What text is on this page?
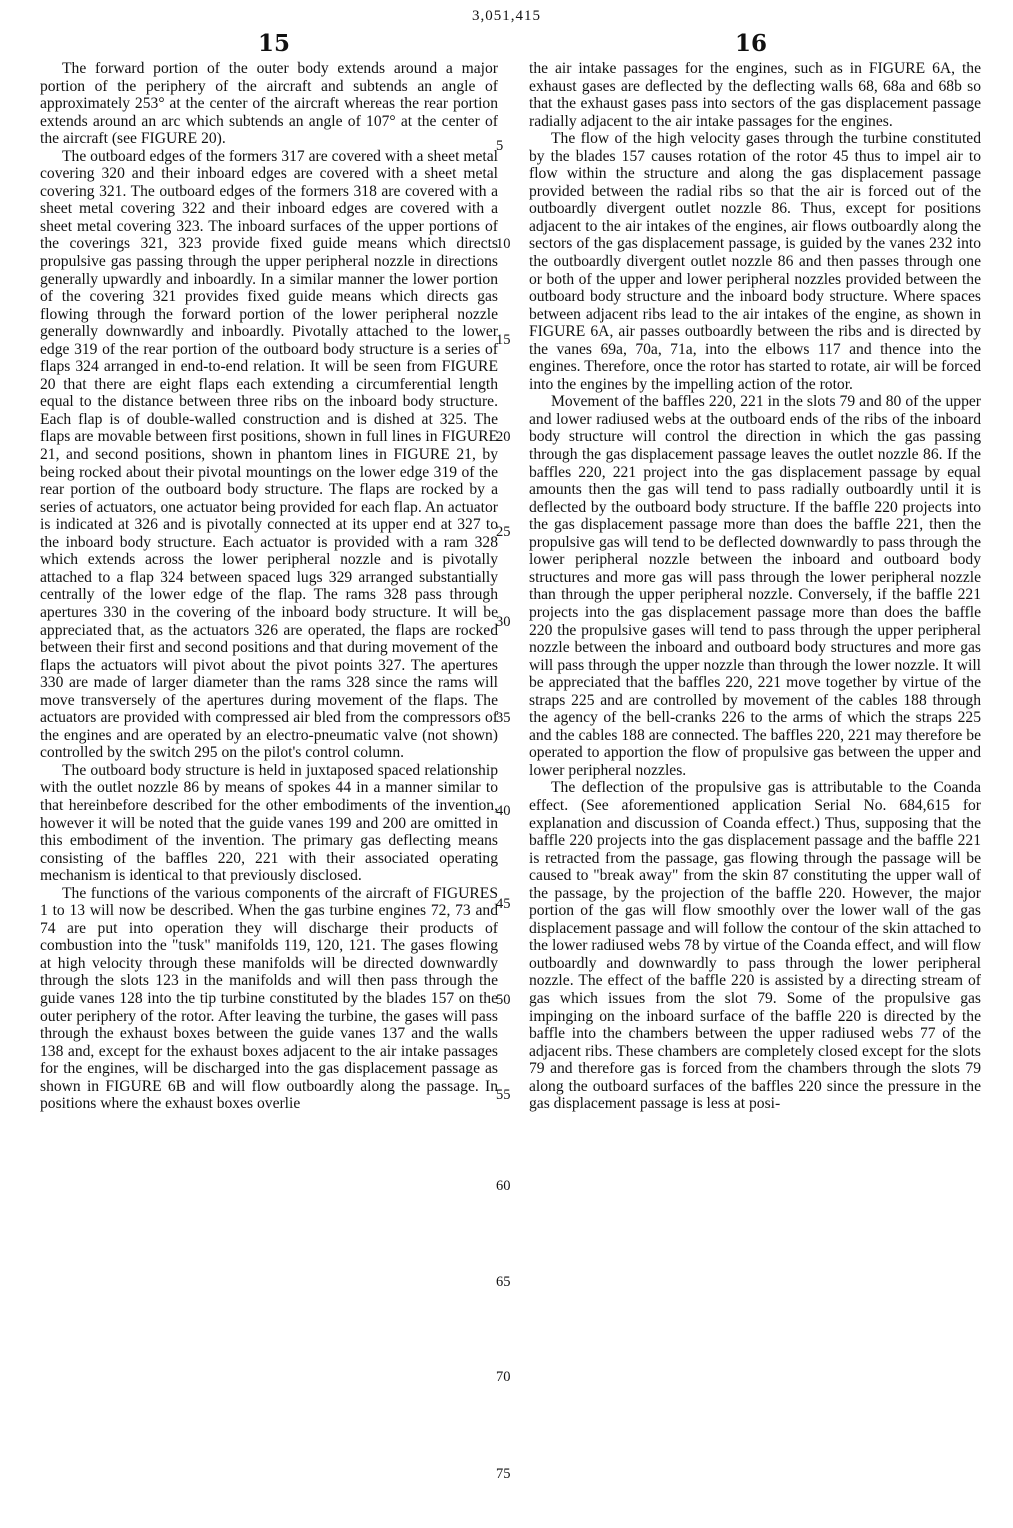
15
3,051,415
16

The forward portion of the outer body extends around a major portion of the periphery of the aircraft and subtends an angle of approximately 253° at the center of the aircraft whereas the rear portion extends around an arc which subtends an angle of 107° at the center of the aircraft (see FIGURE 20).

The outboard edges of the formers 317 are covered with a sheet metal covering 320 and their inboard edges are covered with a sheet metal covering 321. The outboard edges of the formers 318 are covered with a sheet metal covering 322 and their inboard edges are covered with a sheet metal covering 323. The inboard surfaces of the upper portions of the coverings 321, 323 provide fixed guide means which directs propulsive gas passing through the upper peripheral nozzle in directions generally upwardly and inboardly. In a similar manner the lower portion of the covering 321 provides fixed guide means which directs gas flowing through the forward portion of the lower peripheral nozzle generally downwardly and inboardly. Pivotally attached to the lower edge 319 of the rear portion of the outboard body structure is a series of flaps 324 arranged in end-to-end relation. It will be seen from FIGURE 20 that there are eight flaps each extending a circumferential length equal to the distance between three ribs on the inboard body structure. Each flap is of double-walled construction and is dished at 325. The flaps are movable between first positions, shown in full lines in FIGURE 21, and second positions, shown in phantom lines in FIGURE 21, by being rocked about their pivotal mountings on the lower edge 319 of the rear portion of the outboard body structure. The flaps are rocked by a series of actuators, one actuator being provided for each flap. An actuator is indicated at 326 and is pivotally connected at its upper end at 327 to the inboard body structure. Each actuator is provided with a ram 328 which extends across the lower peripheral nozzle and is pivotally attached to a flap 324 between spaced lugs 329 arranged substantially centrally of the lower edge of the flap. The rams 328 pass through apertures 330 in the covering of the inboard body structure. It will be appreciated that, as the actuators 326 are operated, the flaps are rocked between their first and second positions and that during movement of the flaps the actuators will pivot about the pivot points 327. The apertures 330 are made of larger diameter than the rams 328 since the rams will move transversely of the apertures during movement of the flaps. The actuators are provided with compressed air bled from the compressors of the engines and are operated by an electro-pneumatic valve (not shown) controlled by the switch 295 on the pilot's control column.

The outboard body structure is held in juxtaposed spaced relationship with the outlet nozzle 86 by means of spokes 44 in a manner similar to that hereinbefore described for the other embodiments of the invention, however it will be noted that the guide vanes 199 and 200 are omitted in this embodiment of the invention. The primary gas deflecting means consisting of the baffles 220, 221 with their associated operating mechanism is identical to that previously disclosed.

The functions of the various components of the aircraft of FIGURES 1 to 13 will now be described. When the gas turbine engines 72, 73 and 74 are put into operation they will discharge their products of combustion into the "tusk" manifolds 119, 120, 121. The gases flowing at high velocity through these manifolds will be directed downwardly through the slots 123 in the manifolds and will then pass through the guide vanes 128 into the tip turbine constituted by the blades 157 on the outer periphery of the rotor. After leaving the turbine, the gases will pass through the exhaust boxes between the guide vanes 137 and the walls 138 and, except for the exhaust boxes adjacent to the air intake passages for the engines, will be discharged into the gas displacement passage as shown in FIGURE 6B and will flow outboardly along the passage. In positions where the exhaust boxes overlie

5
10
15
20
25
30
35
40
45
50
55
60
65
70
75

the air intake passages for the engines, such as in FIGURE 6A, the exhaust gases are deflected by the deflecting walls 68, 68a and 68b so that the exhaust gases pass into sectors of the gas displacement passage radially adjacent to the air intake passages for the engines.

The flow of the high velocity gases through the turbine constituted by the blades 157 causes rotation of the rotor 45 thus to impel air to flow within the structure and along the gas displacement passage provided between the radial ribs so that the air is forced out of the outboardly divergent outlet nozzle 86. Thus, except for positions adjacent to the air intakes of the engines, air flows outboardly along the sectors of the gas displacement passage, is guided by the vanes 232 into the outboardly divergent outlet nozzle 86 and then passes through one or both of the upper and lower peripheral nozzles provided between the outboard body structure and the inboard body structure. Where spaces between adjacent ribs lead to the air intakes of the engine, as shown in FIGURE 6A, air passes outboardly between the ribs and is directed by the vanes 69a, 70a, 71a, into the elbows 117 and thence into the engines. Therefore, once the rotor has started to rotate, air will be forced into the engines by the impelling action of the rotor.

Movement of the baffles 220, 221 in the slots 79 and 80 of the upper and lower radiused webs at the outboard ends of the ribs of the inboard body structure will control the direction in which the gas passing through the gas displacement passage leaves the outlet nozzle 86. If the baffles 220, 221 project into the gas displacement passage by equal amounts then the gas will tend to pass radially outboardly until it is deflected by the outboard body structure. If the baffle 220 projects into the gas displacement passage more than does the baffle 221, then the propulsive gas will tend to be deflected downwardly to pass through the lower peripheral nozzle between the inboard and outboard body structures and more gas will pass through the lower peripheral nozzle than through the upper peripheral nozzle. Conversely, if the baffle 221 projects into the gas displacement passage more than does the baffle 220 the propulsive gases will tend to pass through the upper peripheral nozzle between the inboard and outboard body structures and more gas will pass through the upper nozzle than through the lower nozzle. It will be appreciated that the baffles 220, 221 move together by virtue of the straps 225 and are controlled by movement of the cables 188 through the agency of the bell-cranks 226 to the arms of which the straps 225 and the cables 188 are connected. The baffles 220, 221 may therefore be operated to apportion the flow of propulsive gas between the upper and lower peripheral nozzles.

The deflection of the propulsive gas is attributable to the Coanda effect. (See aforementioned application Serial No. 684,615 for explanation and discussion of Coanda effect.) Thus, supposing that the baffle 220 projects into the gas displacement passage and the baffle 221 is retracted from the passage, gas flowing through the passage will be caused to "break away" from the skin 87 constituting the upper wall of the passage, by the projection of the baffle 220. However, the major portion of the gas will flow smoothly over the lower wall of the gas displacement passage and will follow the contour of the skin attached to the lower radiused webs 78 by virtue of the Coanda effect, and will flow outboardly and downwardly to pass through the lower peripheral nozzle. The effect of the baffle 220 is assisted by a directing stream of gas which issues from the slot 79. Some of the propulsive gas impinging on the inboard surface of the baffle 220 is directed by the baffle into the chambers between the upper radiused webs 77 of the adjacent ribs. These chambers are completely closed except for the slots 79 and therefore gas is forced from the chambers through the slots 79 along the outboard surfaces of the baffles 220 since the pressure in the gas displacement passage is less at posi-
